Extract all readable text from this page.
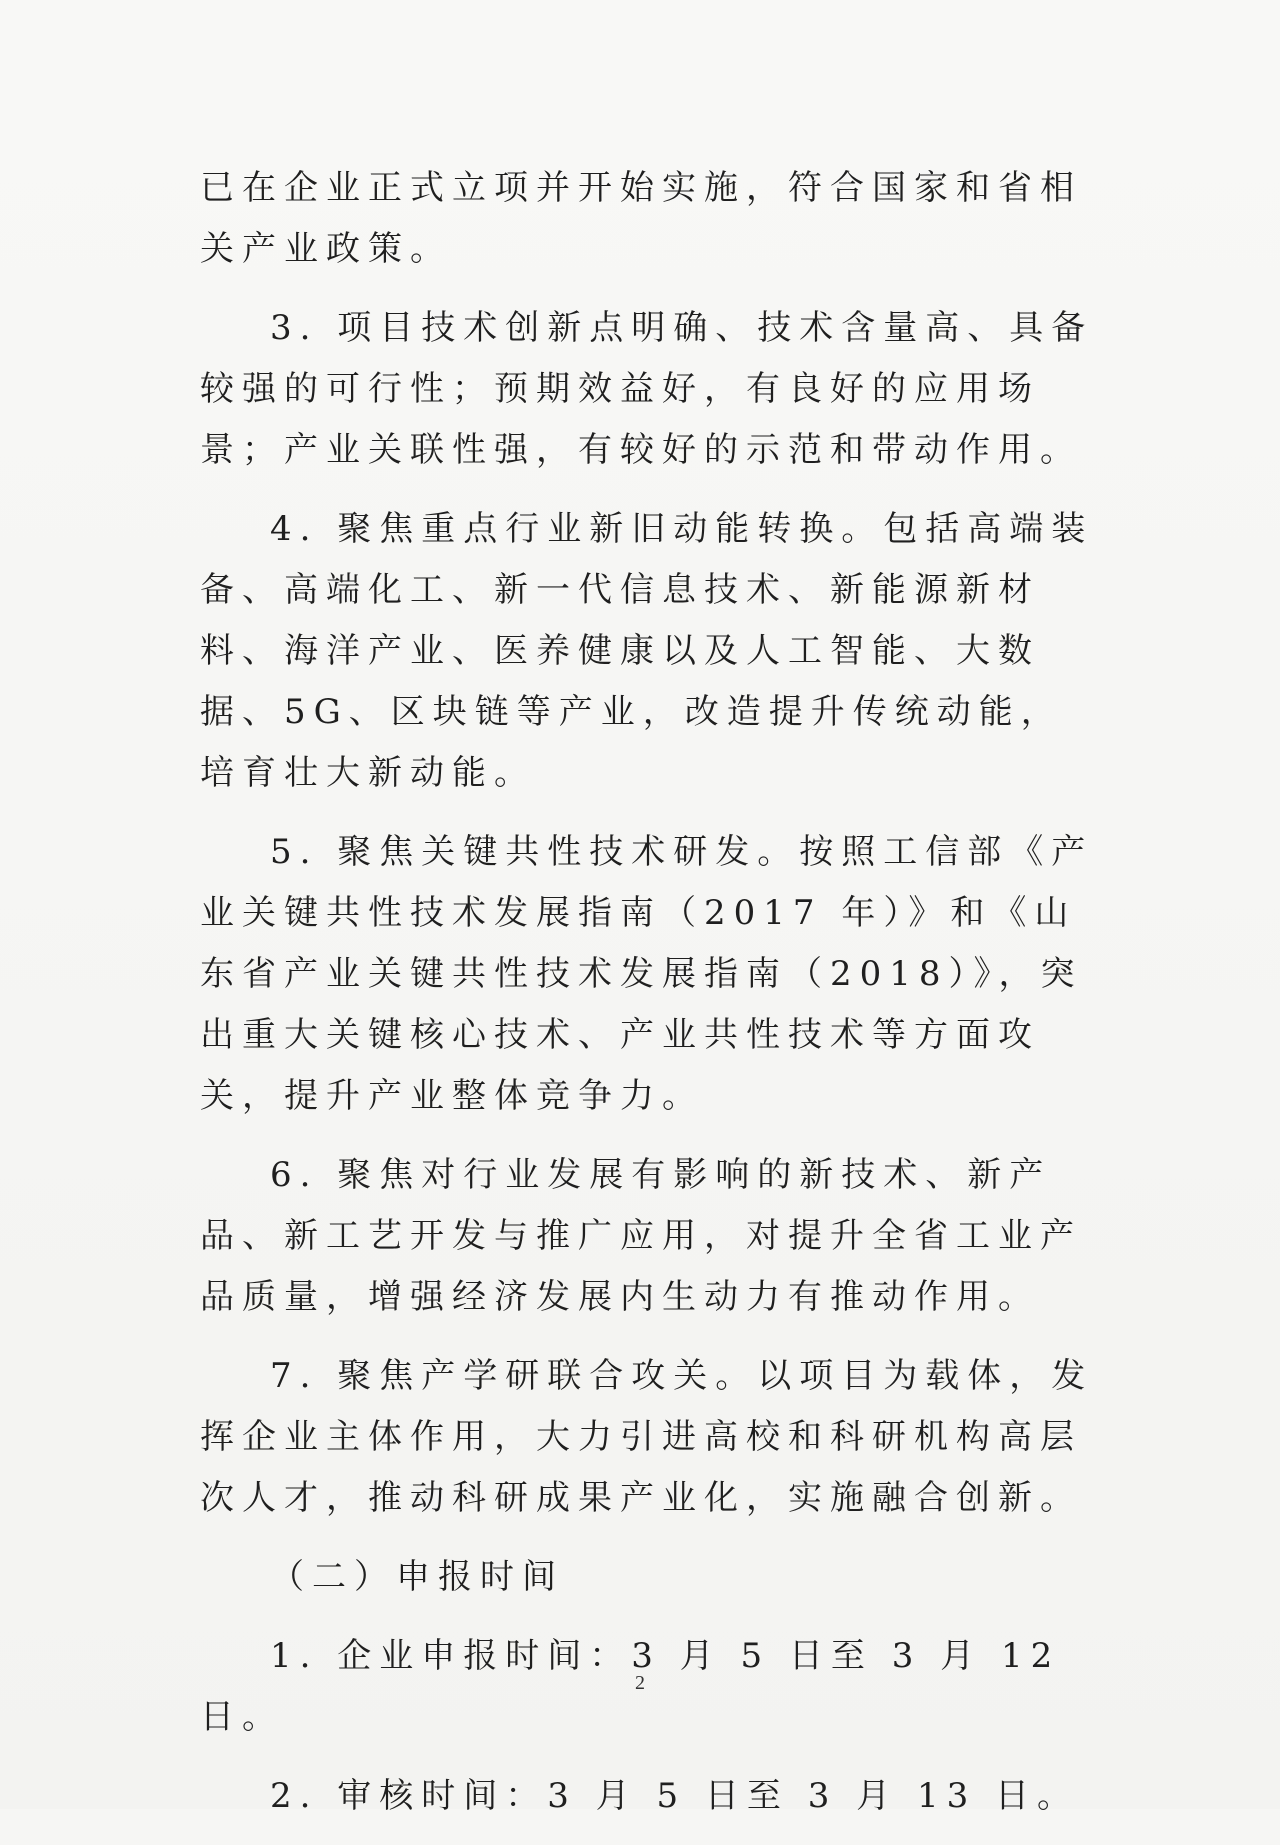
已在企业正式立项并开始实施，符合国家和省相关产业政策。

3. 项目技术创新点明确、技术含量高、具备较强的可行性；预期效益好，有良好的应用场景；产业关联性强，有较好的示范和带动作用。

4. 聚焦重点行业新旧动能转换。包括高端装备、高端化工、新一代信息技术、新能源新材料、海洋产业、医养健康以及人工智能、大数据、5G、区块链等产业，改造提升传统动能，培育壮大新动能。

5. 聚焦关键共性技术研发。按照工信部《产业关键共性技术发展指南（2017 年）》和《山东省产业关键共性技术发展指南（2018）》，突出重大关键核心技术、产业共性技术等方面攻关，提升产业整体竞争力。

6. 聚焦对行业发展有影响的新技术、新产品、新工艺开发与推广应用，对提升全省工业产品质量，增强经济发展内生动力有推动作用。

7. 聚焦产学研联合攻关。以项目为载体，发挥企业主体作用，大力引进高校和科研机构高层次人才，推动科研成果产业化，实施融合创新。

（二）申报时间

1. 企业申报时间：3 月 5 日至 3 月 12 日。

2. 审核时间：3 月 5 日至 3 月 13 日。

2
